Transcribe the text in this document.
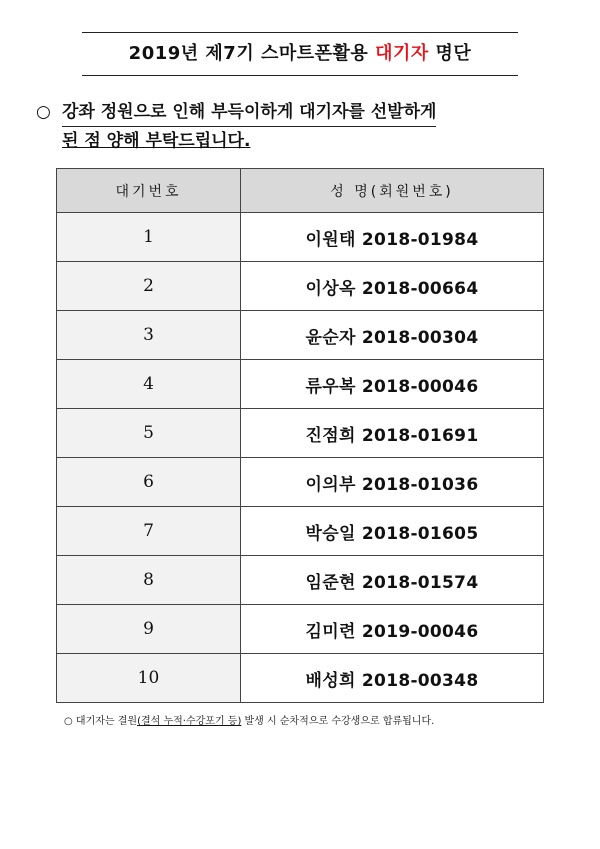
2019년 제7기 스마트폰활용 대기자 명단
○ 강좌 정원으로 인해 부득이하게 대기자를 선발하게
된 점 양해 부탁드립니다.
대기번호	성 명(회원번호)
1	이원태 2018-01984
2	이상옥 2018-00664
3	윤순자 2018-00304
4	류우복 2018-00046
5	진점희 2018-01691
6	이의부 2018-01036
7	박승일 2018-01605
8	임준현 2018-01574
9	김미련 2019-00046
10	배성희 2018-00348
○ 대기자는 결원(결석 누적·수강포기 등) 발생 시 순차적으로 수강생으로 합류됩니다.
